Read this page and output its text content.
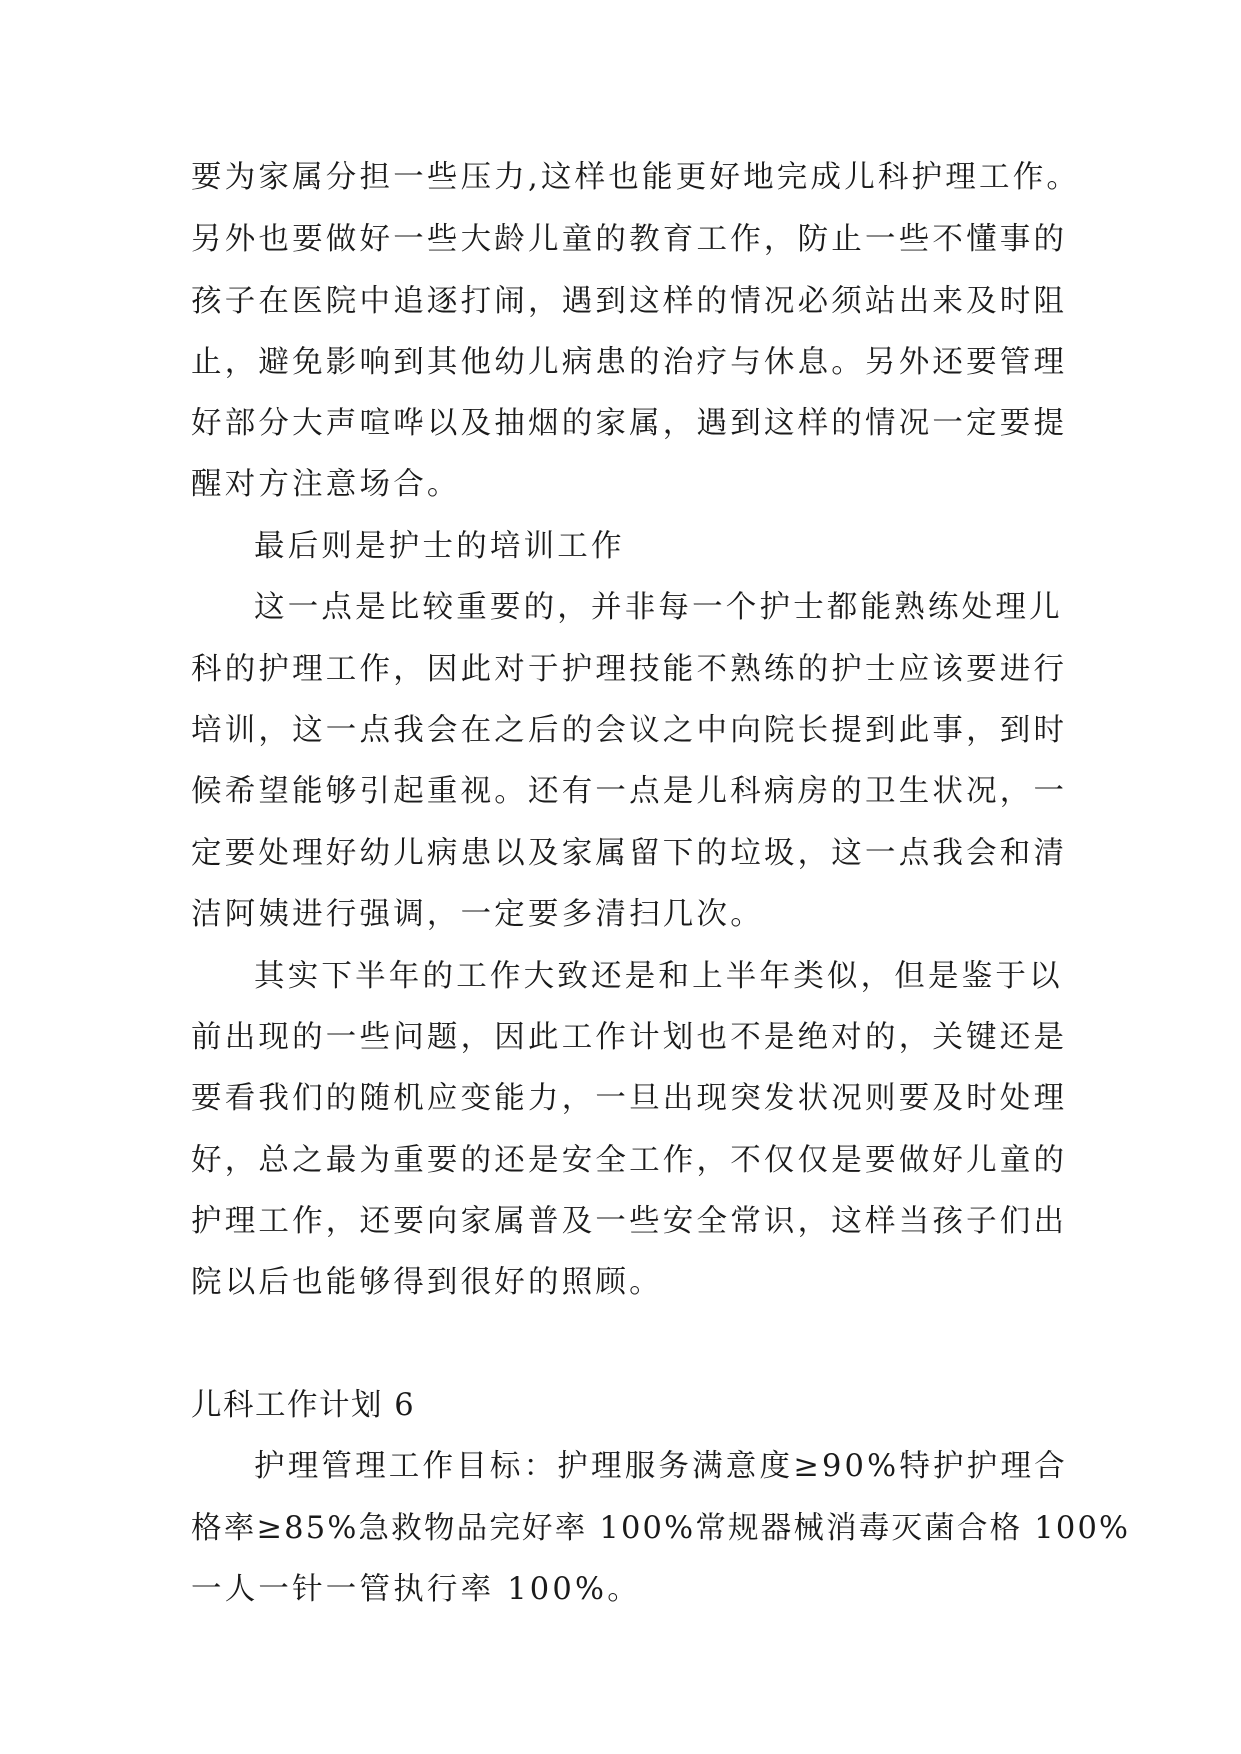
要为家属分担一些压力,这样也能更好地完成儿科护理工作。

另外也要做好一些大龄儿童的教育工作，防止一些不懂事的

孩子在医院中追逐打闹，遇到这样的情况必须站出来及时阻

止，避免影响到其他幼儿病患的治疗与休息。另外还要管理

好部分大声喧哗以及抽烟的家属，遇到这样的情况一定要提

醒对方注意场合。

最后则是护士的培训工作

这一点是比较重要的，并非每一个护士都能熟练处理儿

科的护理工作，因此对于护理技能不熟练的护士应该要进行

培训，这一点我会在之后的会议之中向院长提到此事，到时

候希望能够引起重视。还有一点是儿科病房的卫生状况，一

定要处理好幼儿病患以及家属留下的垃圾，这一点我会和清

洁阿姨进行强调，一定要多清扫几次。

其实下半年的工作大致还是和上半年类似，但是鉴于以

前出现的一些问题，因此工作计划也不是绝对的，关键还是

要看我们的随机应变能力，一旦出现突发状况则要及时处理

好，总之最为重要的还是安全工作，不仅仅是要做好儿童的

护理工作，还要向家属普及一些安全常识，这样当孩子们出

院以后也能够得到很好的照顾。

儿科工作计划 6

护理管理工作目标：护理服务满意度≥90%特护护理合

格率≥85%急救物品完好率 100%常规器械消毒灭菌合格 100%

一人一针一管执行率 100%。
